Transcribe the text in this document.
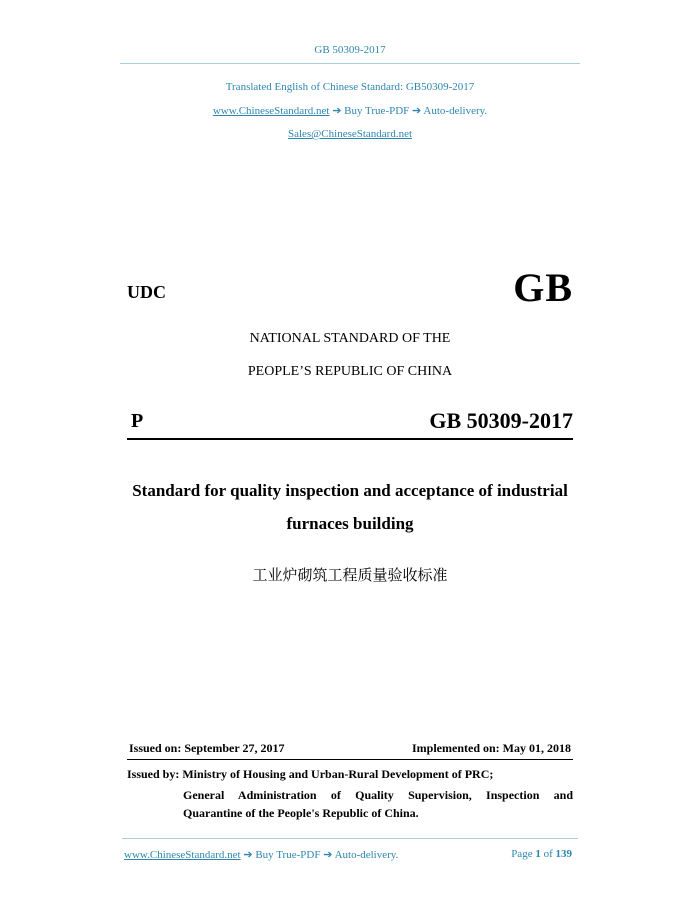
GB 50309-2017
Translated English of Chinese Standard: GB50309-2017
www.ChineseStandard.net ➔ Buy True-PDF ➔ Auto-delivery.
Sales@ChineseStandard.net
UDC	GB
NATIONAL STANDARD OF THE
PEOPLE’S REPUBLIC OF CHINA
P	GB 50309-2017
Standard for quality inspection and acceptance of industrial
furnaces building
工业炉砌筑工程质量验收标准
Issued on: September 27, 2017	Implemented on: May 01, 2018
Issued by: Ministry of Housing and Urban-Rural Development of PRC;
General Administration of Quality Supervision, Inspection and
Quarantine of the People's Republic of China.
www.ChineseStandard.net ➔ Buy True-PDF ➔ Auto-delivery.	Page 1 of 139
